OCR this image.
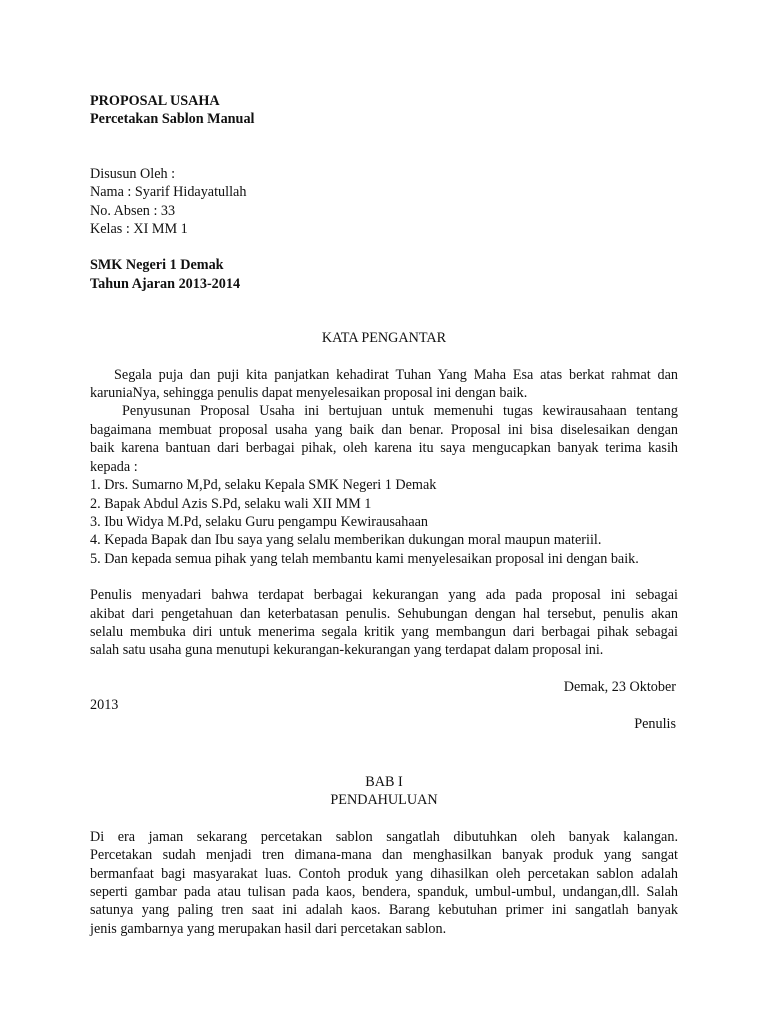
PROPOSAL USAHA
Percetakan Sablon Manual
Disusun Oleh :
Nama : Syarif Hidayatullah
No. Absen : 33
Kelas : XI MM 1
SMK Negeri 1 Demak
Tahun Ajaran 2013-2014
KATA PENGANTAR
Segala puja dan puji kita panjatkan kehadirat Tuhan Yang Maha Esa atas berkat rahmat dan
karuniaNya, sehingga penulis dapat menyelesaikan proposal ini dengan baik.
Penyusunan Proposal Usaha ini bertujuan untuk memenuhi tugas kewirausahaan tentang
bagaimana membuat proposal usaha yang baik dan benar. Proposal ini bisa diselesaikan dengan
baik karena bantuan dari berbagai pihak, oleh karena itu saya mengucapkan banyak terima kasih
kepada :
1. Drs. Sumarno M,Pd, selaku Kepala SMK Negeri 1 Demak
2. Bapak Abdul Azis S.Pd, selaku wali XII MM 1
3. Ibu Widya M.Pd, selaku Guru pengampu Kewirausahaan
4. Kepada Bapak dan Ibu saya yang selalu memberikan dukungan moral maupun materiil.
5. Dan kepada semua pihak yang telah membantu kami menyelesaikan proposal ini dengan baik.
Penulis menyadari bahwa terdapat berbagai kekurangan yang ada pada proposal ini sebagai
akibat dari pengetahuan dan keterbatasan penulis. Sehubungan dengan hal tersebut, penulis akan
selalu membuka diri untuk menerima segala kritik yang membangun dari berbagai pihak sebagai
salah satu usaha guna menutupi kekurangan-kekurangan yang terdapat dalam proposal ini.
Demak, 23 Oktober
2013
Penulis
BAB I
PENDAHULUAN
Di era jaman sekarang percetakan sablon sangatlah dibutuhkan oleh banyak kalangan.
Percetakan sudah menjadi tren dimana-mana dan menghasilkan banyak produk yang sangat
bermanfaat bagi masyarakat luas. Contoh produk yang dihasilkan oleh percetakan sablon adalah
seperti gambar pada atau tulisan pada kaos, bendera, spanduk, umbul-umbul, undangan,dll. Salah
satunya yang paling tren saat ini adalah kaos. Barang kebutuhan primer ini sangatlah banyak
jenis gambarnya yang merupakan hasil dari percetakan sablon.
